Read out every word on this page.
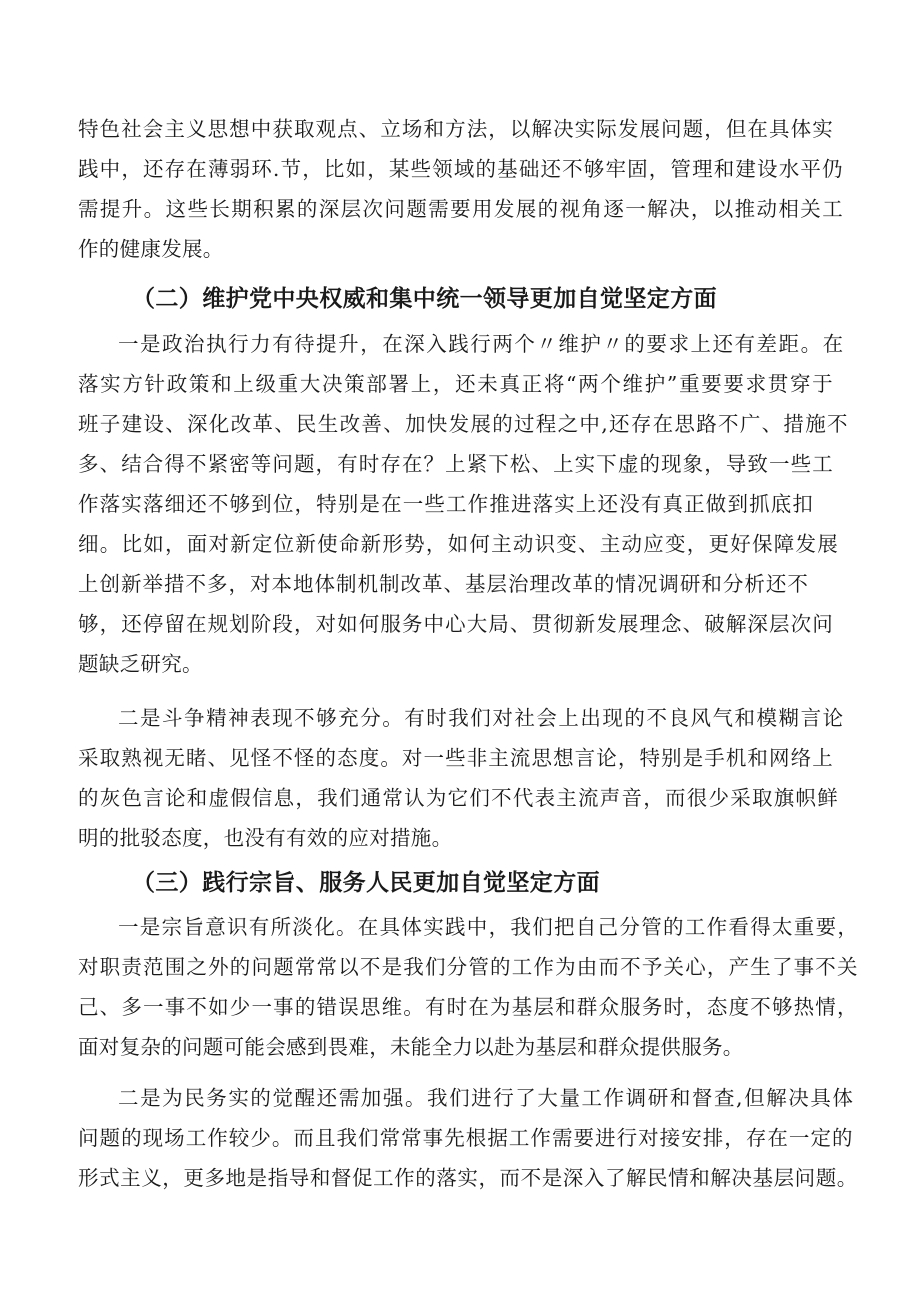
特色社会主义思想中获取观点、立场和方法，以解决实际发展问题，但在具体实
践中，还存在薄弱环.节，比如，某些领域的基础还不够牢固，管理和建设水平仍
需提升。这些长期积累的深层次问题需要用发展的视角逐一解决，以推动相关工
作的健康发展。
（二）维护党中央权威和集中统一领导更加自觉坚定方面
一是政治执行力有待提升，在深入践行两个〃维护〃的要求上还有差距。在
落实方针政策和上级重大决策部署上，还未真正将“两个维护”重要要求贯穿于
班子建设、深化改革、民生改善、加快发展的过程之中,还存在思路不广、措施不
多、结合得不紧密等问题，有时存在？上紧下松、上实下虚的现象，导致一些工
作落实落细还不够到位，特别是在一些工作推进落实上还没有真正做到抓底扣
细。比如，面对新定位新使命新形势，如何主动识变、主动应变，更好保障发展
上创新举措不多，对本地体制机制改革、基层治理改革的情况调研和分析还不
够，还停留在规划阶段，对如何服务中心大局、贯彻新发展理念、破解深层次问
题缺乏研究。
二是斗争精神表现不够充分。有时我们对社会上出现的不良风气和模糊言论
采取熟视无睹、见怪不怪的态度。对一些非主流思想言论，特别是手机和网络上
的灰色言论和虚假信息，我们通常认为它们不代表主流声音，而很少采取旗帜鲜
明的批驳态度，也没有有效的应对措施。
（三）践行宗旨、服务人民更加自觉坚定方面
一是宗旨意识有所淡化。在具体实践中，我们把自己分管的工作看得太重要，
对职责范围之外的问题常常以不是我们分管的工作为由而不予关心，产生了事不关
己、多一事不如少一事的错误思维。有时在为基层和群众服务时，态度不够热情，
面对复杂的问题可能会感到畏难，未能全力以赴为基层和群众提供服务。
二是为民务实的觉醒还需加强。我们进行了大量工作调研和督查,但解决具体
问题的现场工作较少。而且我们常常事先根据工作需要进行对接安排，存在一定的
形式主义，更多地是指导和督促工作的落实，而不是深入了解民情和解决基层问题。
